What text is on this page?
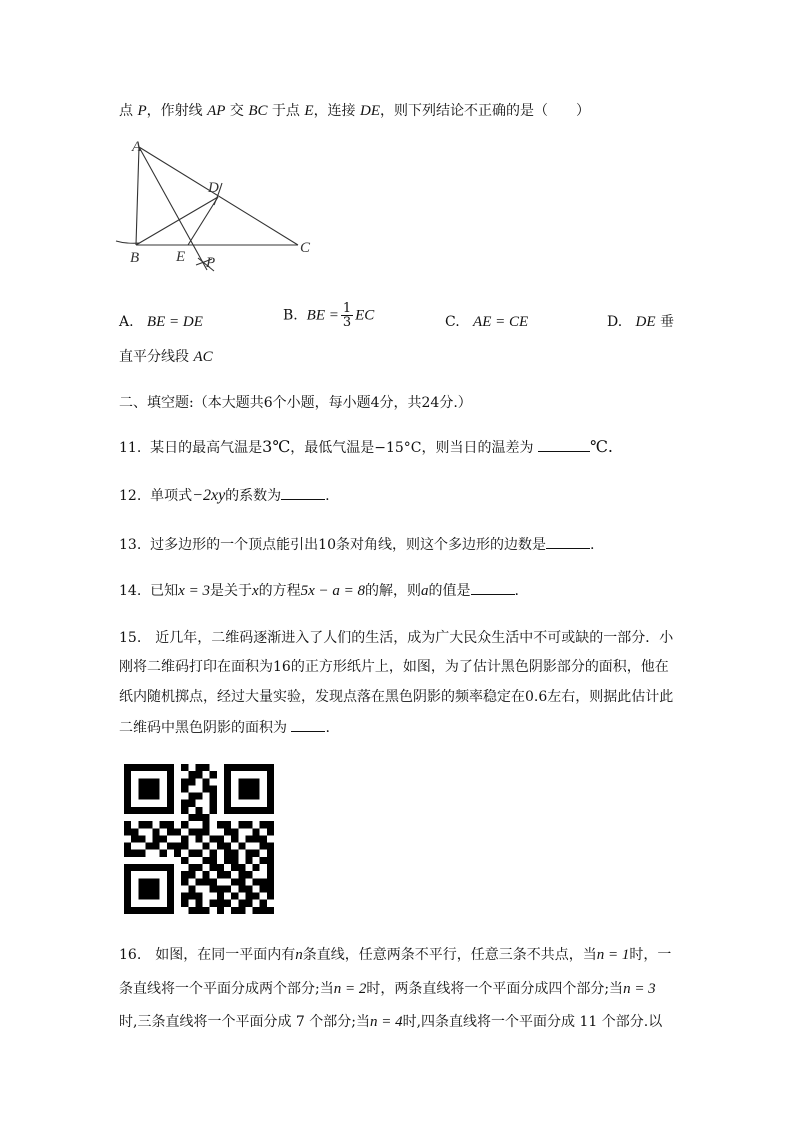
点 P，作射线 AP 交 BC 于点 E，连接 DE，则下列结论不正确的是（　　）
A
B
C
D
E P
A. BE = DE	B. BE = $\frac{1}{3}$ EC	C. AE = CE	D. DE 垂
直平分线段 AC
二、填空题:（本大题共6个小题，每小题4分，共24分.）
11. 某日的最高气温是3℃，最低气温是−15°C，则当日的温差为	℃.
12. 单项式−2xy的系数为	.
13. 过多边形的一个顶点能引出10条对角线，则这个多边形的边数是	.
14. 已知x = 3是关于x的方程5x − a = 8的解，则a的值是	.
15.　近几年，二维码逐渐进入了人们的生活，成为广大民众生活中不可或缺的一部分．小
刚将二维码打印在面积为16的正方形纸片上，如图，为了估计黑色阴影部分的面积，他在
纸内随机掷点，经过大量实验，发现点落在黑色阴影的频率稳定在0.6左右，则据此估计此
二维码中黑色阴影的面积为 .
16.　如图，在同一平面内有n条直线，任意两条不平行，任意三条不共点，当n = 1时，一
条直线将一个平面分成两个部分;当n = 2时，两条直线将一个平面分成四个部分;当n = 3
时,三条直线将一个平面分成 7 个部分;当n = 4时,四条直线将一个平面分成 11 个部分.以
